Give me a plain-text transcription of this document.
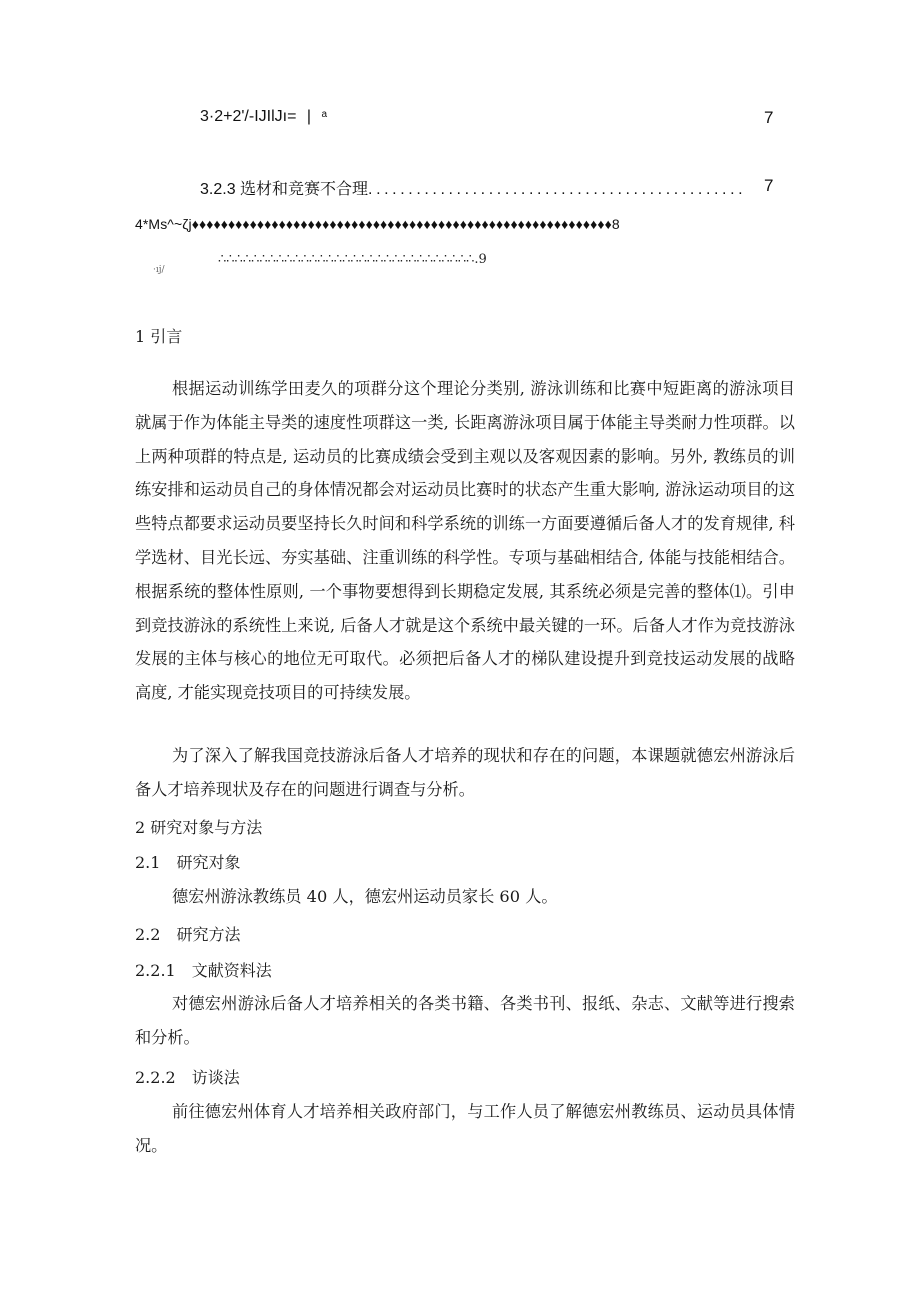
3·2+2'/-IJIlJı= | $^a$	7
3.2.3 选材和竞赛不合理............................................... 7
4*Ms^~ζj♦♦♦♦♦♦♦♦♦♦♦♦♦♦♦♦♦♦♦♦♦♦♦♦♦♦♦♦♦♦♦♦♦♦♦♦♦♦♦♦♦♦♦♦♦♦♦♦♦♦♦♦♦♦♦♦♦♦8
·ıj/
∴∴∴∴∴∴∴∴∴∴∴∴∴∴∴∴∴∴∴∴∴∴∴∴∴∴∴∴∴∴∴.9
1 引言

根据运动训练学田麦久的项群分这个理论分类别, 游泳训练和比赛中短距离的游泳项目就属于作为体能主导类的速度性项群这一类, 长距离游泳项目属于体能主导类耐力性项群。以上两种项群的特点是, 运动员的比赛成绩会受到主观以及客观因素的影响。另外, 教练员的训练安排和运动员自己的身体情况都会对运动员比赛时的状态产生重大影响, 游泳运动项目的这些特点都要求运动员要坚持长久时间和科学系统的训练一方面要遵循后备人才的发育规律, 科学选材、目光长远、夯实基础、注重训练的科学性。专项与基础相结合, 体能与技能相结合。根据系统的整体性原则, 一个事物要想得到长期稳定发展, 其系统必须是完善的整体⑴。引申到竞技游泳的系统性上来说, 后备人才就是这个系统中最关键的一环。后备人才作为竞技游泳发展的主体与核心的地位无可取代。必须把后备人才的梯队建设提升到竞技运动发展的战略高度, 才能实现竞技项目的可持续发展。

为了深入了解我国竞技游泳后备人才培养的现状和存在的问题，本课题就德宏州游泳后备人才培养现状及存在的问题进行调查与分析。

2 研究对象与方法
2.1　研究对象

德宏州游泳教练员 40 人，德宏州运动员家长 60 人。

2.2　研究方法
2.2.1　文献资料法

对德宏州游泳后备人才培养相关的各类书籍、各类书刊、报纸、杂志、文献等进行搜索和分析。

2.2.2　访谈法

前往德宏州体育人才培养相关政府部门，与工作人员了解德宏州教练员、运动员具体情况。
